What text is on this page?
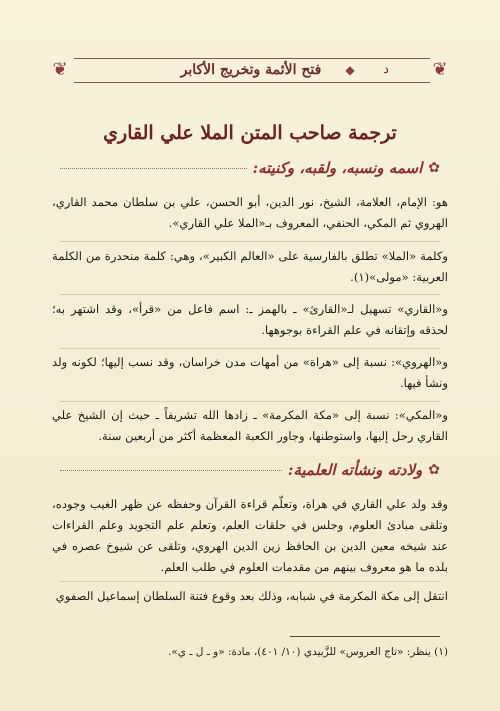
❦	❦
◆
فتح الأئمة وتخريج الأكابر	د
ترجمة صاحب المتن الملا علي القاري
✿
اسمه ونسبه، ولقبه، وكنيته:
هو: الإمام، العلامة، الشيخ، نور الدين، أبو الحسن، علي بن سلطان محمد القاري، الهروي ثم المكي، الحنفي، المعروف بـ«الملا علي القاري».
وكلمة «الملا» تطلق بالفارسية على «العالم الكبير»، وهي: كلمة منحدرة من الكلمة العربية: «مولى»(١).
و«القاري» تسهيل لـ«القارئ» ـ بالهمز ـ: اسم فاعل من «قرأ»، وقد اشتهر به؛ لحذقه وإتقانه في علم القراءة بوجوهها.
و«الهروي»: نسبة إلى «هراة» من أمهات مدن خراسان، وقد نسب إليها؛ لكونه ولد ونشأ فيها.
و«المكي»: نسبة إلى «مكة المكرمة» ـ زادها الله تشريفاً ـ حيث إن الشيخ علي القاري رحل إليها، واستوطنها، وجاور الكعبة المعظمة أكثر من أربعين سنة.
✿
ولادته ونشأته العلمية:
وقد ولد علي القاري في هراة، وتعلّم قراءة القرآن وحفظه عن ظهر الغيب وجوده، وتلقى مبادئ العلوم، وجلس في حلقات العلم، وتعلم علم التجويد وعلم القراءات عند شيخه معين الدين بن الحافظ زين الدين الهروي، وتلقى عن شيوخ عصره في بلده ما هو معروف بينهم من مقدمات العلوم في طلب العلم.
انتقل إلى مكة المكرمة في شبابه، وذلك بعد وقوع فتنة السلطان إسماعيل الصفوي
(١) ينظر: «تاج العروس» للزَّبيدي (١٠/ ٤٠١)، مادة: «و ـ ل ـ ي».
